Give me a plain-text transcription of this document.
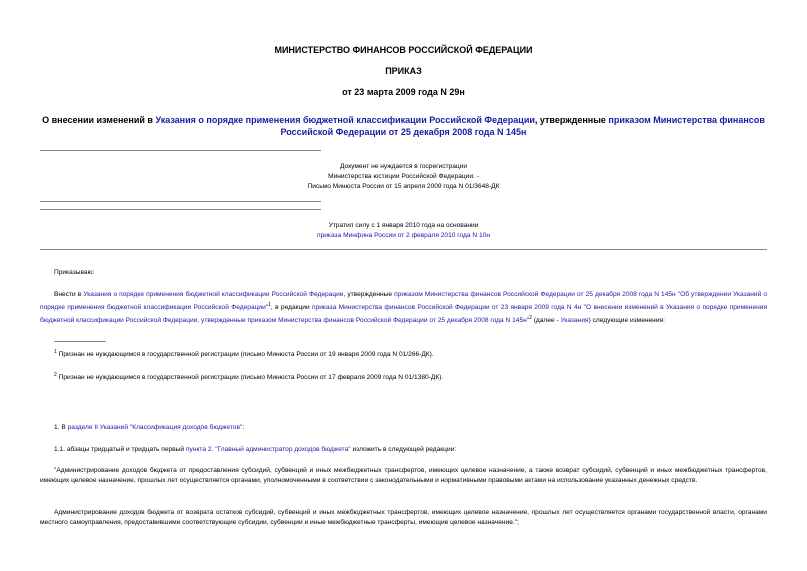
МИНИСТЕРСТВО ФИНАНСОВ РОССИЙСКОЙ ФЕДЕРАЦИИ
ПРИКАЗ
от 23 марта 2009 года N 29н
О внесении изменений в Указания о порядке применения бюджетной классификации Российской Федерации, утвержденные приказом Министерства финансов Российской Федерации от 25 декабря 2008 года N 145н
Документ не нуждается в госрегистрации
Министерства юстиции Российской Федерации. -
Письмо Минюста России от 15 апреля 2009 года N 01/3648-ДК
Утратил силу с 1 января 2010 года на основании
приказа Минфина России от 2 февраля 2010 года N 10н
Приказываю:
Внести в Указания о порядке применения бюджетной классификации Российской Федерации, утвержденные приказом Министерства финансов Российской Федерации от 25 декабря 2008 года N 145н "Об утверждении Указаний о порядке применения бюджетной классификации Российской Федерации"$^1$, в редакции приказа Министерства финансов Российской Федерации от 23 января 2009 года N 4н "О внесении изменений в Указания о порядке применения бюджетной классификации Российской Федерации, утвержденные приказом Министерства финансов Российской Федерации от 25 декабря 2008 года N 145н"$^2$ (далее - Указания) следующие изменения:
$^1$ Признан не нуждающимся в государственной регистрации (письмо Минюста России от 19 января 2009 года N 01/266-ДК).
$^2$ Признан не нуждающимся в государственной регистрации (письмо Минюста России от 17 февраля 2009 года N 01/1380-ДК).
1. В разделе II Указаний "Классификация доходов бюджетов":
1.1. абзацы тридцатый и тридцать первый пункта 2. "Главный администратор доходов бюджета" изложить в следующей редакции:
"Администрирование доходов бюджета от предоставления субсидий, субвенций и иных межбюджетных трансфертов, имеющих целевое назначение, а также возврат субсидий, субвенций и иных межбюджетных трансфертов, имеющих целевое назначение, прошлых лет осуществляется органами, уполномоченными в соответствии с законодательными и нормативными правовыми актами на использование указанных денежных средств.
Администрирование доходов бюджета от возврата остатков субсидий, субвенций и иных межбюджетных трансфертов, имеющих целевое назначение, прошлых лет осуществляется органами государственной власти, органами местного самоуправления, предоставившими соответствующие субсидии, субвенции и иные межбюджетные трансферты, имеющие целевое назначение.";
